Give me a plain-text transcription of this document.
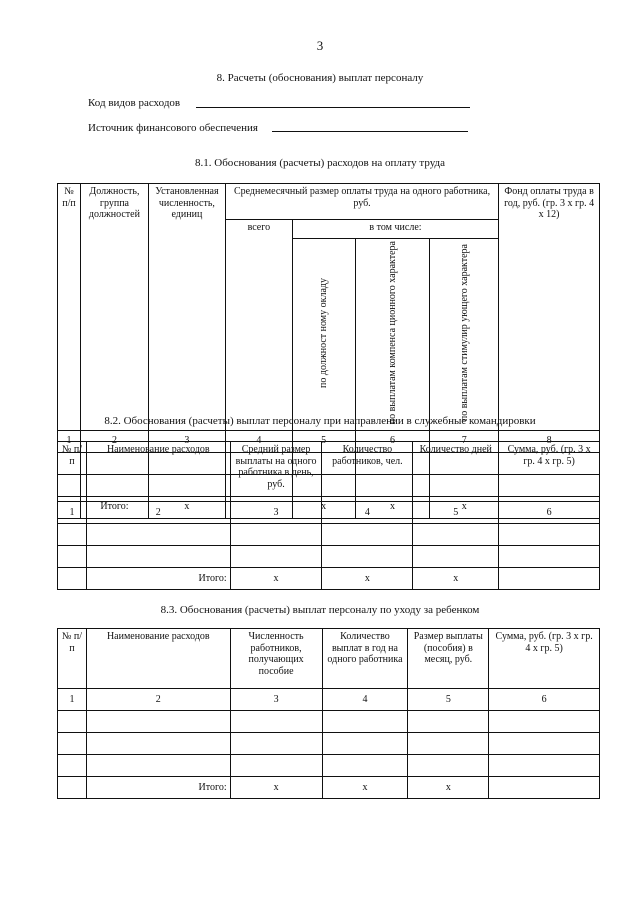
3
8. Расчеты (обоснования) выплат персоналу
Код видов расходов
Источник финансового обеспечения
8.1. Обоснования (расчеты) расходов на оплату труда
№ п/п	Должность, группа должностей	Установленная численность, единиц	Среднемесячный размер оплаты труда на одного работника, руб.				Фонд оплаты труда в год, руб. (гр. 3 х гр. 4 х 12)
			всего	в том числе:			
				по должност ному окладу	по выплатам компенса ционного характера	по выплатам стимулир ующего характера	
1	2	3	4	5	6	7	8

	Итого:	х		х	х	х	
8.2. Обоснования (расчеты) выплат персоналу при направлении в служебные командировки
№ п/п	Наименование расходов	Средний размер выплаты на одного работника в день, руб.	Количество работников, чел.	Количество дней	Сумма, руб. (гр. 3 х гр. 4 х гр. 5)
1	2	3	4	5	6

	Итого:	х	х	х	
8.3. Обоснования (расчеты) выплат персоналу по уходу за ребенком
№ п/п	Наименование расходов	Численность работников, получающих пособие	Количество выплат в год на одного работника	Размер выплаты (пособия) в месяц, руб.	Сумма, руб. (гр. 3 х гр. 4 х гр. 5)
1	2	3	4	5	6

	Итого:	х	х	х	
